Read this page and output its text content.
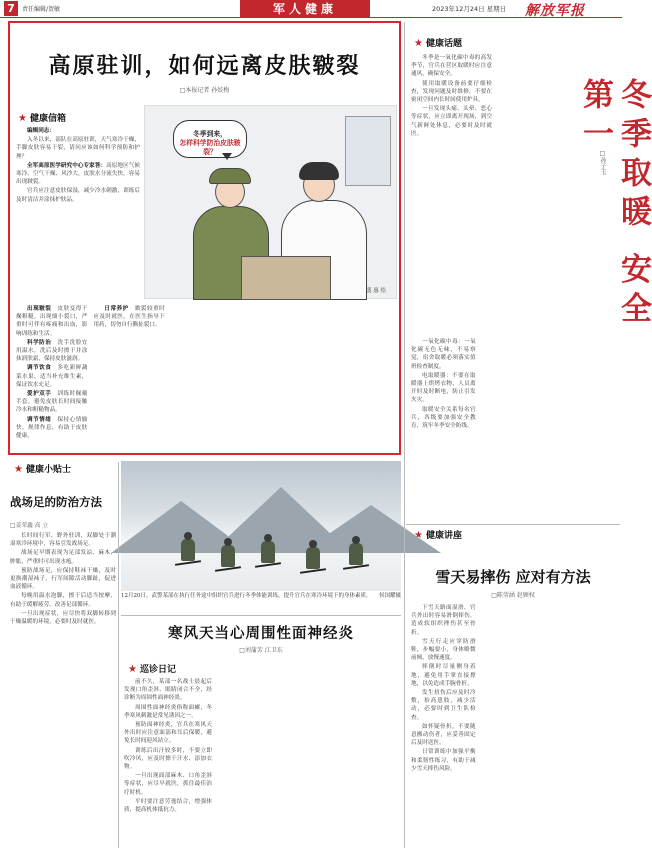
7	责任编辑/贺敏	军人健康	2023年12月24日 星期日 解放军报
高原驻训，如何远离皮肤皲裂
□本报记者 孙姣梅
★ 健康信箱

编辑同志：

入冬以来，部队在高原驻训，天气寒冷干燥，手脚皮肤容易干裂，请问应该如何科学预防和护理？

全军高原医学研究中心专家答：高原地区气候寒冷、空气干燥、风沙大，皮肤水分流失快，容易出现皲裂。

官兵应注意皮肤保湿，减少冷水刺激，训练后及时清洁并涂抹护肤品。

冬季到来，
怎样科学防治皮肤皲裂？
盛 惠 绘

出现皲裂　 皮肤变得干燥粗糙，出现细小裂口，严重时可伴有疼痛和出血，影响训练和生活。

科学防治　 洗手洗脸宜用温水，洗后及时擦干并涂抹润肤霜，保持皮肤滋润。

调节饮食　 多吃新鲜蔬菜水果，适当补充维生素，保证饮水充足。

爱护双手　 训练时佩戴手套，避免皮肤长时间接触冷水和粗糙物品。

调节情绪　 保持心情愉快，规律作息，有助于皮肤健康。

日常养护　 皲裂较重时应及时就医，在医生指导下用药，切勿自行撕扯裂口。

★ 健康话题

冬季是一氧化碳中毒的高发季节，官兵在营区取暖时应注意通风，确保安全。

使用取暖设备前要仔细检查，发现问题及时维修，不要在密闭空间内长时间使用炉具。

一旦发现头痛、头晕、恶心等症状，应立即离开现场，到空气新鲜处休息，必要时及时就医。	冬季取暖 安全第一
□孙子玉

一氧化碳中毒：一氧化碳无色无味，不易察觉，宿舍取暖必须落实值班检查制度。

电取暖器：不要在取暖器上烘烤衣物，人员离开时及时断电，防止引发火灾。

取暖安全关系每名官兵，各级要加强安全教育，筑牢冬季安全防线。

★ 健康讲座
雪天易摔伤 应对有方法
□陈莹涵 赵顾权

下雪天路面湿滑，官兵外出时容易滑倒摔伤，造成软组织挫伤甚至骨折。

雪天行走应穿防滑鞋，步幅要小，身体略微前倾，放慢速度。

摔倒时尽量侧身着地，避免用手掌直接撑地，以免造成手腕骨折。

发生扭伤后应及时冷敷，抬高患肢，减少活动，必要时到卫生队检查。

如怀疑骨折，不要随意搬动伤者，应妥善固定后及时送医。

日常训练中加强平衡和柔韧性练习，有助于减少雪天摔伤风险。

★ 健康小贴士
战场足的防治方法
□姜荣鑫 高 立

长时间行军、野外驻训，双脚处于潮湿寒冷环境中，容易引发战场足。

战场足早期表现为足部发凉、麻木、肿胀，严重时可出现水疱。

预防战场足，应保持鞋袜干燥，及时更换潮湿袜子，行军间隙活动脚趾，促进血液循环。

每晚用温水泡脚，擦干后适当按摩，有助于缓解疲劳、改善足部循环。

一旦出现症状，应尽快将双脚转移到干燥温暖的环境，必要时及时就医。

12月20日，武警某部在执行任务途中组织官兵进行冬季体能训练，提升官兵在寒冷环境下的身体素质。 侯国耀摄
寒风天当心周围性面神经炎
□刘蒲芳 江卫东
★ 巡诊日记

前不久，某部一名战士晨起后发现口角歪斜、眼睛闭合不全，经诊断为周围性面神经炎。

周围性面神经炎俗称面瘫，冬季寒风刺激是常见诱因之一。

预防面神经炎，官兵在寒风天外出时应注意面部和耳后保暖，避免长时间迎风站立。

训练后出汗较多时，不要立即吹冷风，应及时擦干汗水、添加衣物。

一旦出现面部麻木、口角歪斜等症状，应尽早就医，抓住最佳治疗时机。

平时要注意劳逸结合，增强体质，提高机体抵抗力。
